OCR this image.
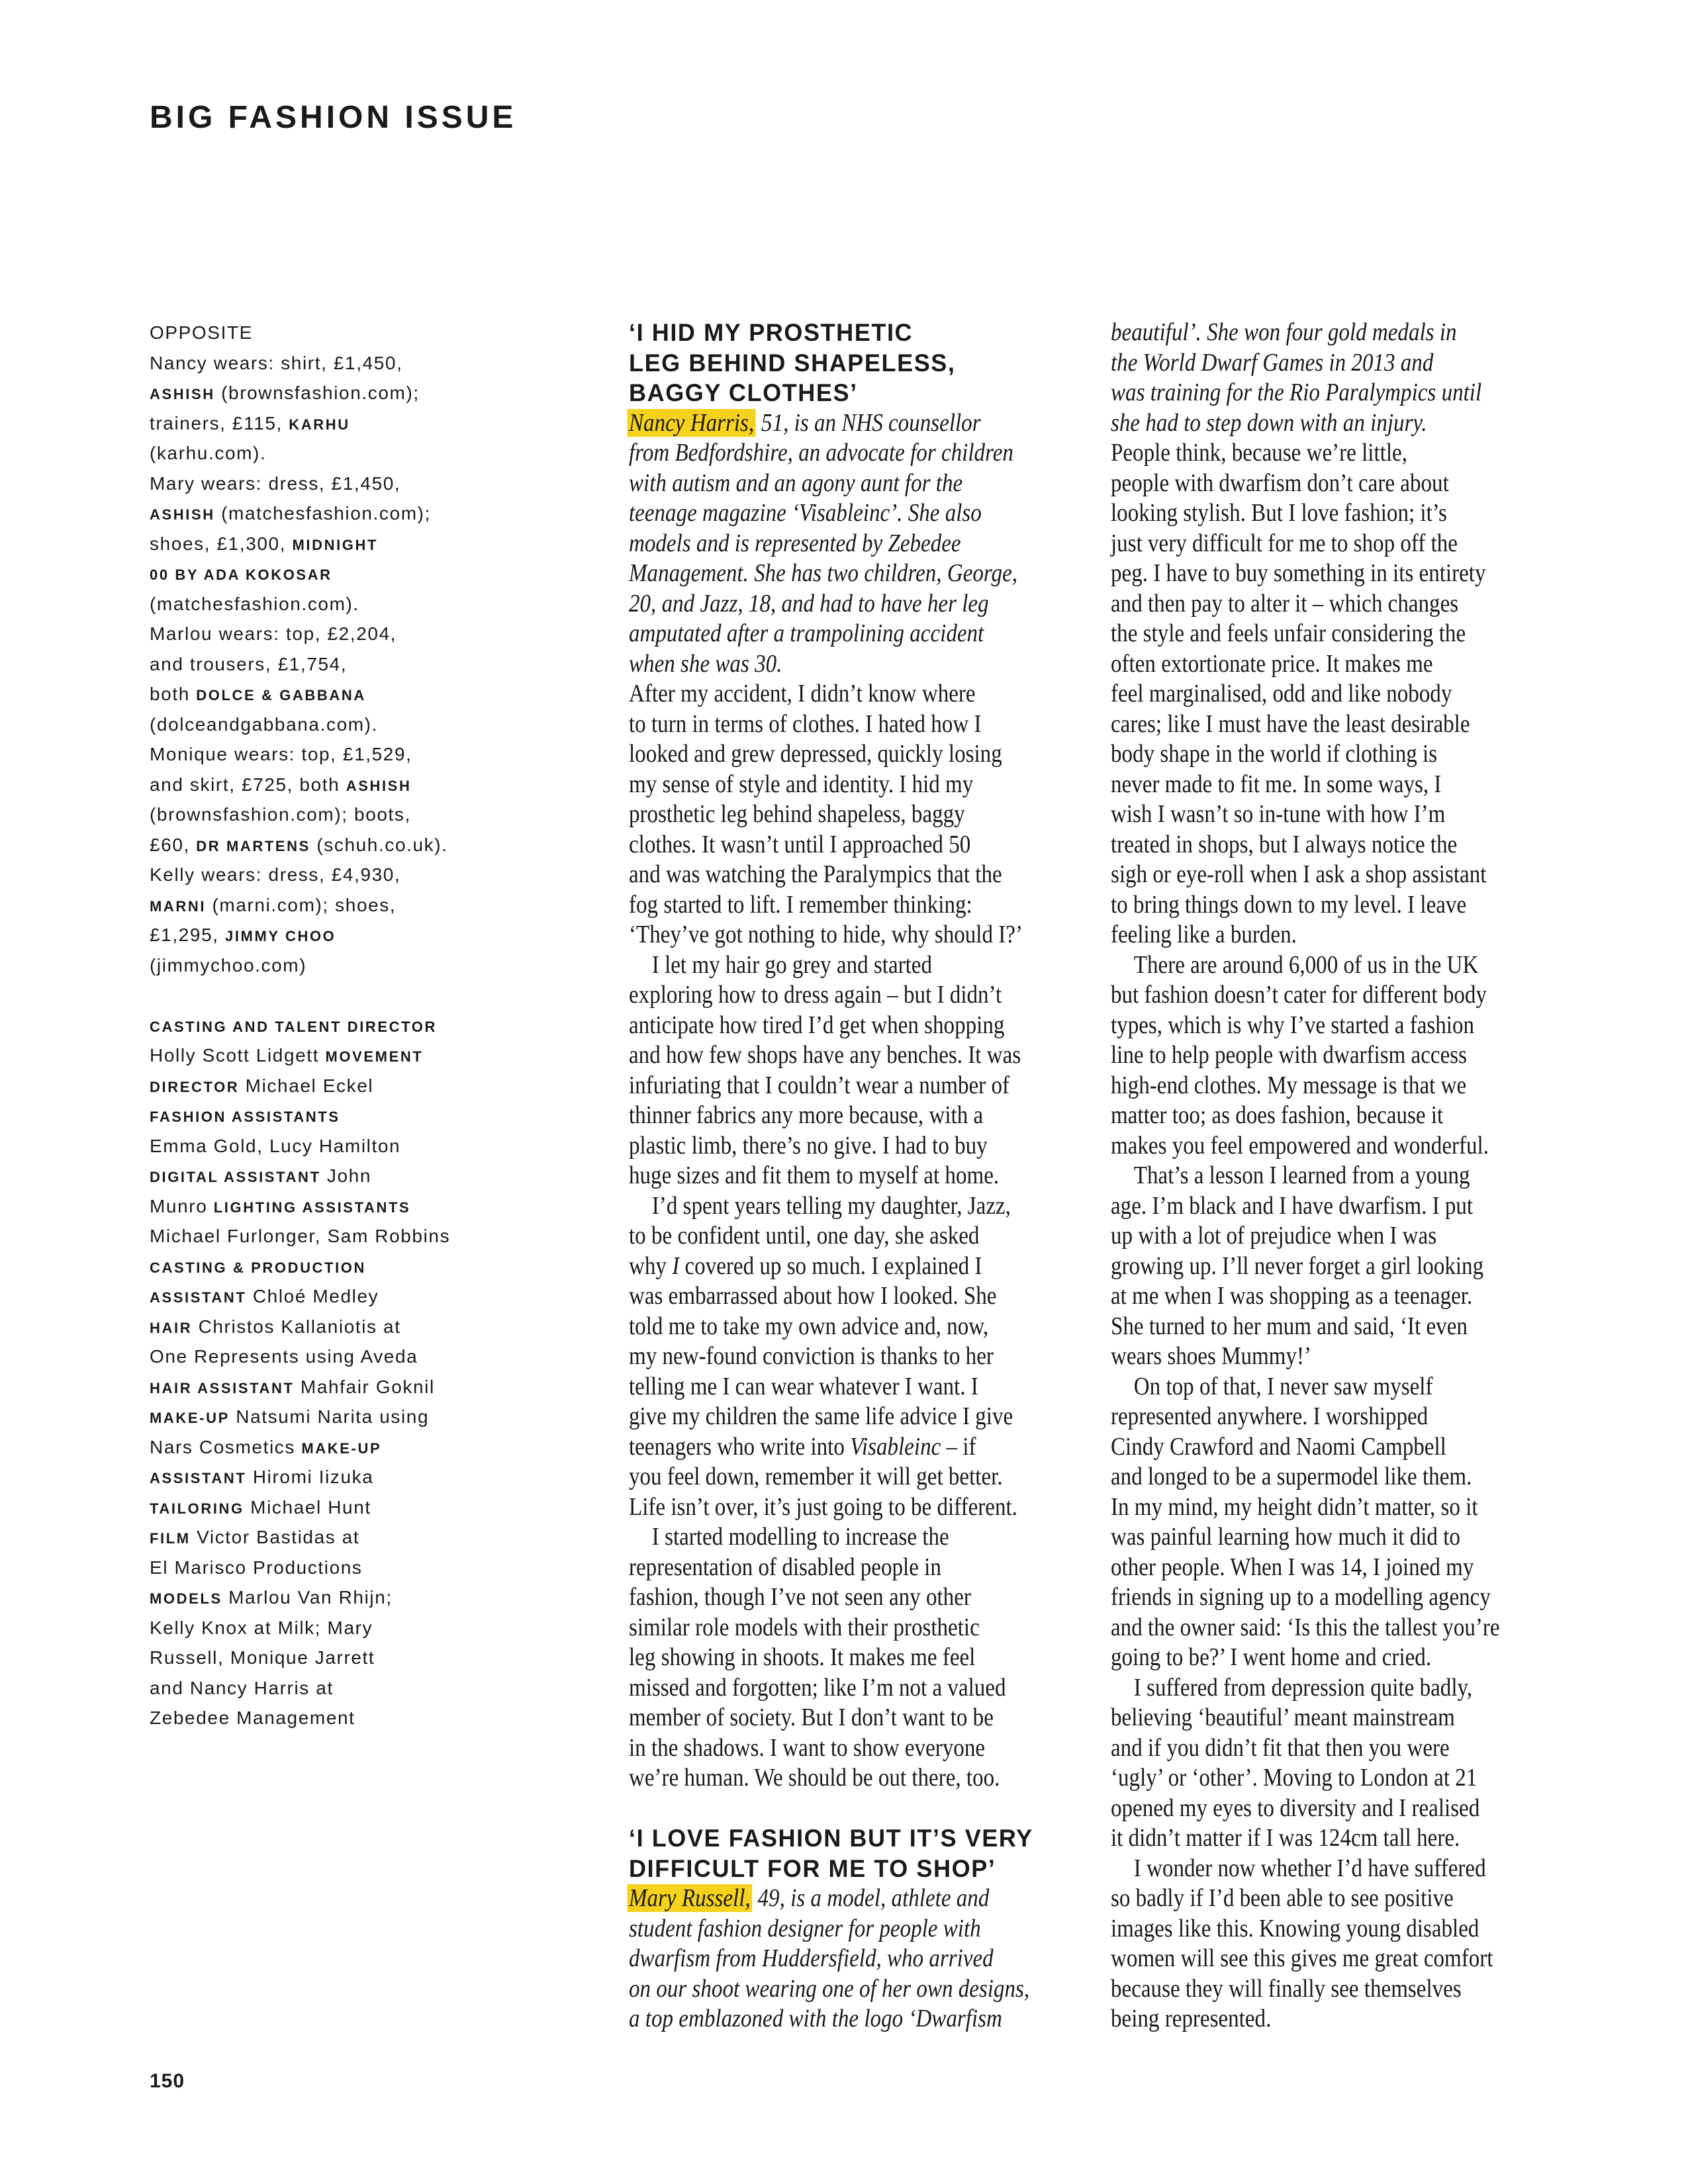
BIG FASHION ISSUE
OPPOSITE
Nancy wears: shirt, £1,450,
ASHISH (brownsfashion.com);
trainers, £115, KARHU
(karhu.com).
Mary wears: dress, £1,450,
ASHISH (matchesfashion.com);
shoes, £1,300, MIDNIGHT
00 BY ADA KOKOSAR
(matchesfashion.com).
Marlou wears: top, £2,204,
and trousers, £1,754,
both DOLCE & GABBANA
(dolceandgabbana.com).
Monique wears: top, £1,529,
and skirt, £725, both ASHISH
(brownsfashion.com); boots,
£60, DR MARTENS (schuh.co.uk).
Kelly wears: dress, £4,930,
MARNI (marni.com); shoes,
£1,295, JIMMY CHOO
(jimmychoo.com)
CASTING AND TALENT DIRECTOR
Holly Scott Lidgett MOVEMENT
DIRECTOR Michael Eckel
FASHION ASSISTANTS
Emma Gold, Lucy Hamilton
DIGITAL ASSISTANT John
Munro LIGHTING ASSISTANTS
Michael Furlonger, Sam Robbins
CASTING & PRODUCTION
ASSISTANT Chloé Medley
HAIR Christos Kallaniotis at
One Represents using Aveda
HAIR ASSISTANT Mahfair Goknil
MAKE-UP Natsumi Narita using
Nars Cosmetics MAKE-UP
ASSISTANT Hiromi Iizuka
TAILORING Michael Hunt
FILM Victor Bastidas at
El Marisco Productions
MODELS Marlou Van Rhijn;
Kelly Knox at Milk; Mary
Russell, Monique Jarrett
and Nancy Harris at
Zebedee Management
‘I HID MY PROSTHETIC
LEG BEHIND SHAPELESS,
BAGGY CLOTHES’
Nancy Harris, 51, is an NHS counsellor
from Bedfordshire, an advocate for children
with autism and an agony aunt for the
teenage magazine ‘Visableinc’. She also
models and is represented by Zebedee
Management. She has two children, George,
20, and Jazz, 18, and had to have her leg
amputated after a trampolining accident
when she was 30.
After my accident, I didn’t know where
to turn in terms of clothes. I hated how I
looked and grew depressed, quickly losing
my sense of style and identity. I hid my
prosthetic leg behind shapeless, baggy
clothes. It wasn’t until I approached 50
and was watching the Paralympics that the
fog started to lift. I remember thinking:
‘They’ve got nothing to hide, why should I?’
I let my hair go grey and started
exploring how to dress again – but I didn’t
anticipate how tired I’d get when shopping
and how few shops have any benches. It was
infuriating that I couldn’t wear a number of
thinner fabrics any more because, with a
plastic limb, there’s no give. I had to buy
huge sizes and fit them to myself at home.
I’d spent years telling my daughter, Jazz,
to be confident until, one day, she asked
why I covered up so much. I explained I
was embarrassed about how I looked. She
told me to take my own advice and, now,
my new-found conviction is thanks to her
telling me I can wear whatever I want. I
give my children the same life advice I give
teenagers who write into Visableinc – if
you feel down, remember it will get better.
Life isn’t over, it’s just going to be different.
I started modelling to increase the
representation of disabled people in
fashion, though I’ve not seen any other
similar role models with their prosthetic
leg showing in shoots. It makes me feel
missed and forgotten; like I’m not a valued
member of society. But I don’t want to be
in the shadows. I want to show everyone
we’re human. We should be out there, too.
‘I LOVE FASHION BUT IT’S VERY
DIFFICULT FOR ME TO SHOP’
Mary Russell, 49, is a model, athlete and
student fashion designer for people with
dwarfism from Huddersfield, who arrived
on our shoot wearing one of her own designs,
a top emblazoned with the logo ‘Dwarfism
beautiful’. She won four gold medals in
the World Dwarf Games in 2013 and
was training for the Rio Paralympics until
she had to step down with an injury.
People think, because we’re little,
people with dwarfism don’t care about
looking stylish. But I love fashion; it’s
just very difficult for me to shop off the
peg. I have to buy something in its entirety
and then pay to alter it – which changes
the style and feels unfair considering the
often extortionate price. It makes me
feel marginalised, odd and like nobody
cares; like I must have the least desirable
body shape in the world if clothing is
never made to fit me. In some ways, I
wish I wasn’t so in-tune with how I’m
treated in shops, but I always notice the
sigh or eye-roll when I ask a shop assistant
to bring things down to my level. I leave
feeling like a burden.
There are around 6,000 of us in the UK
but fashion doesn’t cater for different body
types, which is why I’ve started a fashion
line to help people with dwarfism access
high-end clothes. My message is that we
matter too; as does fashion, because it
makes you feel empowered and wonderful.
That’s a lesson I learned from a young
age. I’m black and I have dwarfism. I put
up with a lot of prejudice when I was
growing up. I’ll never forget a girl looking
at me when I was shopping as a teenager.
She turned to her mum and said, ‘It even
wears shoes Mummy!’
On top of that, I never saw myself
represented anywhere. I worshipped
Cindy Crawford and Naomi Campbell
and longed to be a supermodel like them.
In my mind, my height didn’t matter, so it
was painful learning how much it did to
other people. When I was 14, I joined my
friends in signing up to a modelling agency
and the owner said: ‘Is this the tallest you’re
going to be?’ I went home and cried.
I suffered from depression quite badly,
believing ‘beautiful’ meant mainstream
and if you didn’t fit that then you were
‘ugly’ or ‘other’. Moving to London at 21
opened my eyes to diversity and I realised
it didn’t matter if I was 124cm tall here.
I wonder now whether I’d have suffered
so badly if I’d been able to see positive
images like this. Knowing young disabled
women will see this gives me great comfort
because they will finally see themselves
being represented.
150
